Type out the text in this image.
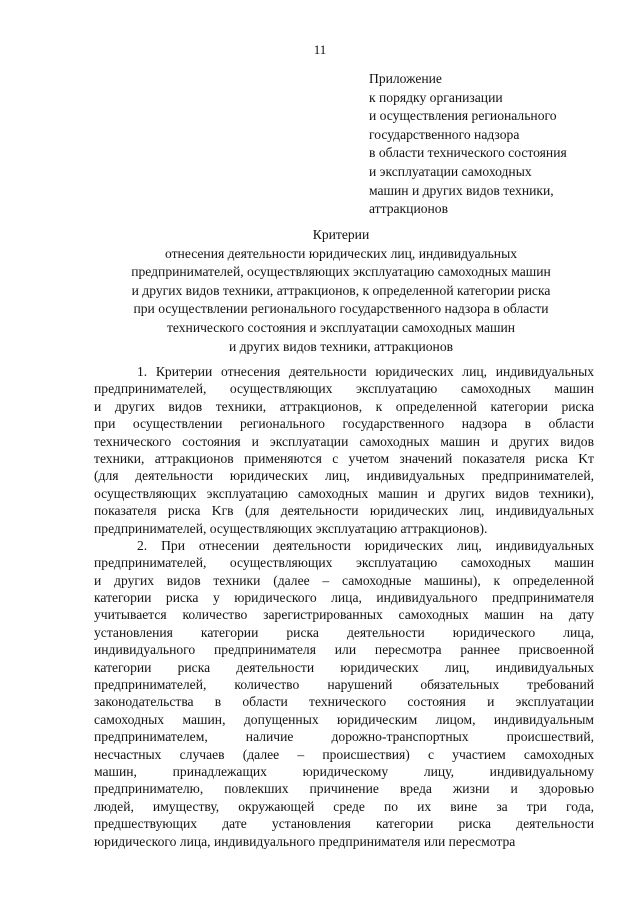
11
Приложение
к порядку организации
и осуществления регионального
государственного надзора
в области технического состояния
и эксплуатации самоходных
машин и других видов техники,
аттракционов
Критерии
отнесения деятельности юридических лиц, индивидуальных
предпринимателей, осуществляющих эксплуатацию самоходных машин
и других видов техники, аттракционов, к определенной категории риска
при осуществлении регионального государственного надзора в области
технического состояния и эксплуатации самоходных машин
и других видов техники, аттракционов
1. Критерии отнесения деятельности юридических лиц, индивидуальных
предпринимателей, осуществляющих эксплуатацию самоходных машин
и других видов техники, аттракционов, к определенной категории риска
при осуществлении регионального государственного надзора в области
технического состояния и эксплуатации самоходных машин и других видов
техники, аттракционов применяются с учетом значений показателя риска Kт
(для деятельности юридических лиц, индивидуальных предпринимателей,
осуществляющих эксплуатацию самоходных машин и других видов техники),
показателя риска Kгв (для деятельности юридических лиц, индивидуальных
предпринимателей, осуществляющих эксплуатацию аттракционов).
2. При отнесении деятельности юридических лиц, индивидуальных
предпринимателей, осуществляющих эксплуатацию самоходных машин
и других видов техники (далее – самоходные машины), к определенной
категории риска у юридического лица, индивидуального предпринимателя
учитывается количество зарегистрированных самоходных машин на дату
установления категории риска деятельности юридического лица,
индивидуального предпринимателя или пересмотра раннее присвоенной
категории риска деятельности юридических лиц, индивидуальных
предпринимателей, количество нарушений обязательных требований
законодательства в области технического состояния и эксплуатации
самоходных машин, допущенных юридическим лицом, индивидуальным
предпринимателем, наличие дорожно-транспортных происшествий,
несчастных случаев (далее – происшествия) с участием самоходных
машин, принадлежащих юридическому лицу, индивидуальному
предпринимателю, повлекших причинение вреда жизни и здоровью
людей, имуществу, окружающей среде по их вине за три года,
предшествующих дате установления категории риска деятельности
юридического лица, индивидуального предпринимателя или пересмотра
